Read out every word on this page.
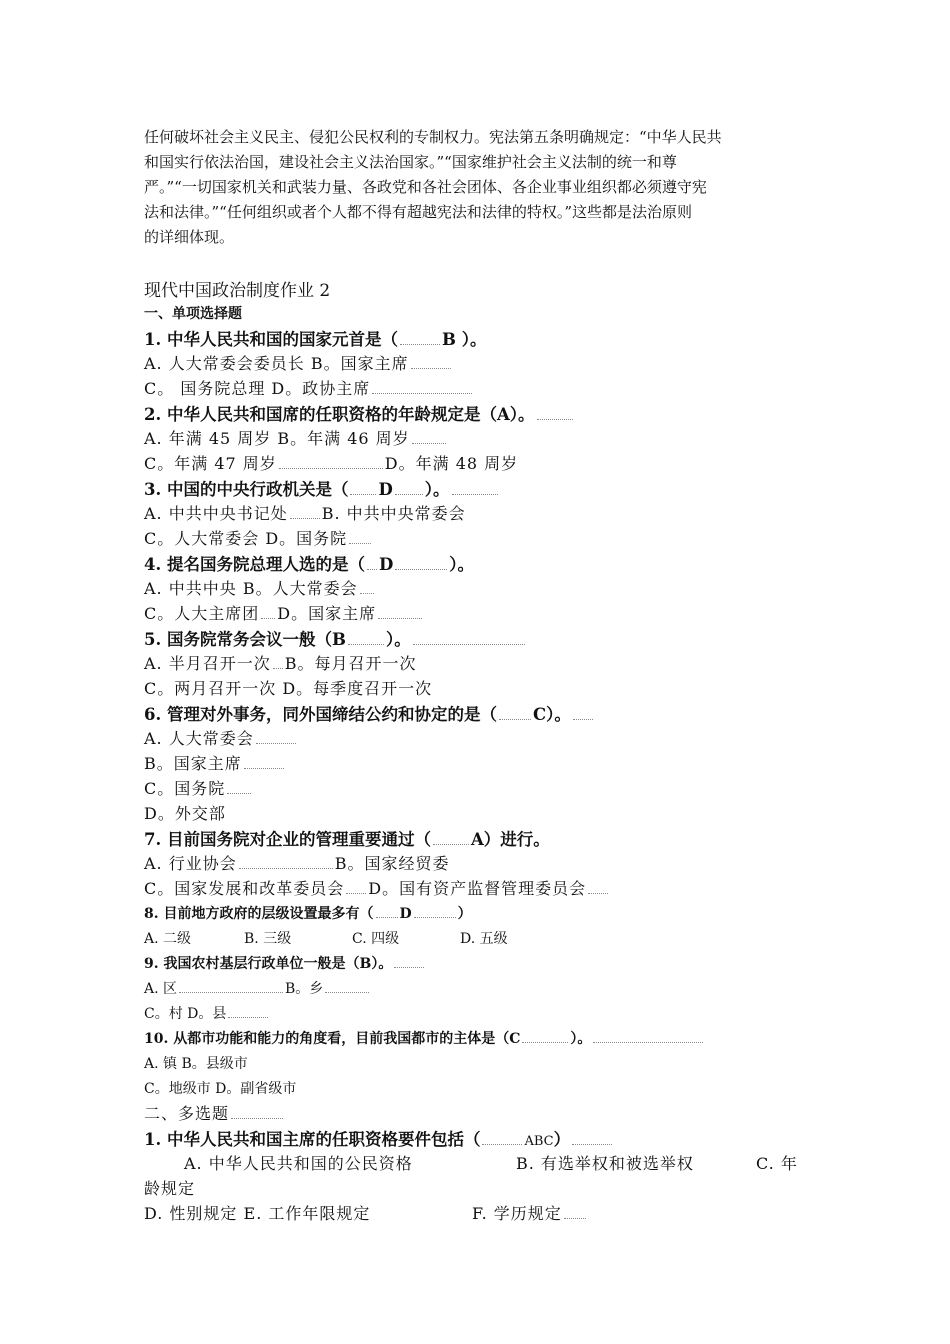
任何破坏社会主义民主、侵犯公民权利的专制权力。宪法第五条明确规定：“中华人民共
和国实行依法治国，建设社会主义法治国家。”“国家维护社会主义法制的统一和尊
严。”“一切国家机关和武装力量、各政党和各社会团体、各企业事业组织都必须遵守宪
法和法律。”“任何组织或者个人都不得有超越宪法和法律的特权。”这些都是法治原则
的详细体现。
现代中国政治制度作业 2
一、单项选择题
1. 中华人民共和国的国家元首是（	B ）。
A. 人大常委会委员长 B。国家主席
C。 国务院总理 D。政协主席
2. 中华人民共和国席的任职资格的年龄规定是（A）。
A. 年满 45 周岁 B。年满 46 周岁
C。年满 47 周岁	D。年满 48 周岁
3. 中国的中央行政机关是（ D ）。
A. 中共中央书记处 B. 中共中央常委会
C。人大常委会 D。国务院
4. 提名国务院总理人选的是（ D	）。
A. 中共中央 B。人大常委会
C。人大主席团 D。国家主席
5. 国务院常务会议一般（B ）。
A. 半月召开一次 B。每月召开一次
C。两月召开一次 D。每季度召开一次
6. 管理对外事务，同外国缔结公约和协定的是（ C）。
A. 人大常委会
B。国家主席
C。国务院
D。外交部
7. 目前国务院对企业的管理重要通过（ A）进行。
A. 行业协会	B。国家经贸委
C。国家发展和改革委员会 D。国有资产监督管理委员会
8. 目前地方政府的层级设置最多有（ D	）
A. 二级	B. 三级	C. 四级	D. 五级
9. 我国农村基层行政单位一般是（B）。
A. 区	B。乡
C。村 D。县
10. 从都市功能和能力的角度看，目前我国都市的主体是（C	）。
A. 镇 B。县级市
C。地级市 D。副省级市
二、多选题
1. 中华人民共和国主席的任职资格要件包括（	ABC）
A. 中华人民共和国的公民资格	B. 有选举权和被选举权	C. 年
龄规定
D. 性别规定 E. 工作年限规定	F. 学历规定
